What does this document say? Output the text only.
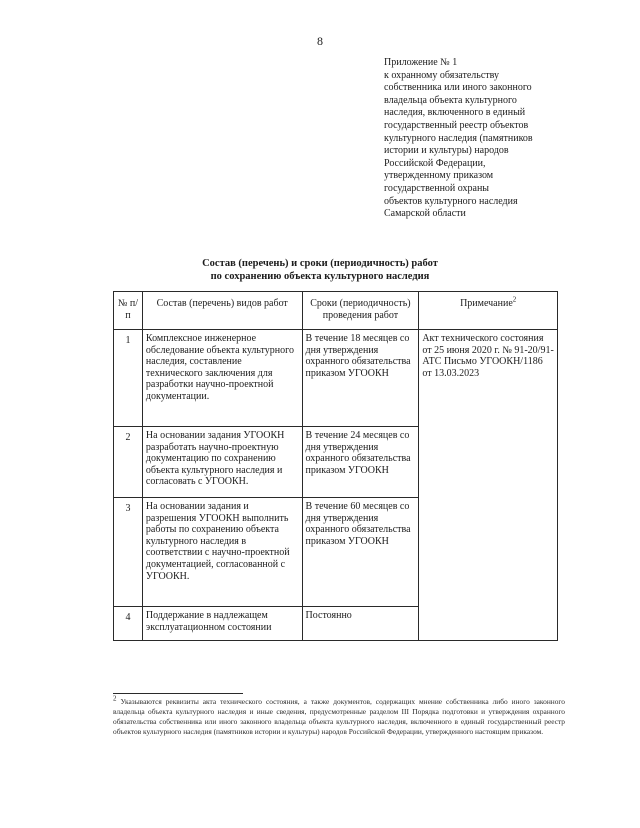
8
Приложение № 1
к охранному обязательству
собственника или иного законного
владельца объекта культурного
наследия, включенного в единый
государственный реестр объектов
культурного наследия (памятников
истории и культуры) народов
Российской Федерации,
утвержденному приказом
государственной охраны
объектов культурного наследия
Самарской области
Состав (перечень) и сроки (периодичность) работ
по сохранению объекта культурного наследия
№ п/п	Состав (перечень) видов работ	Сроки (периодичность) проведения работ	Примечание$^2$
1	Комплексное инженерное обследование объекта культурного наследия, составление технического заключения для разработки научно-проектной документации.	В течение 18 месяцев со дня утверждения охранного обязательства приказом УГООКН	Акт технического состояния от 25 июня 2020 г. № 91-20/91-АТС Письмо УГООКН/1186 от 13.03.2023
2	На основании задания УГООКН разработать научно-проектную документацию по сохранению объекта культурного наследия и согласовать с УГООКН.	В течение 24 месяцев со дня утверждения охранного обязательства приказом УГООКН	
3	На основании задания и разрешения УГООКН выполнить работы по сохранению объекта культурного наследия в соответствии с научно-проектной документацией, согласованной с УГООКН.	В течение 60 месяцев со дня утверждения охранного обязательства приказом УГООКН	
4	Поддержание в надлежащем эксплуатационном состоянии	Постоянно	
$^2$ Указываются реквизиты акта технического состояния, а также документов, содержащих мнение собственника либо иного законного владельца объекта культурного наследия и иные сведения, предусмотренные разделом III Порядка подготовки и утверждения охранного обязательства собственника или иного законного владельца объекта культурного наследия, включенного в единый государственный реестр объектов культурного наследия (памятников истории и культуры) народов Российской Федерации, утвержденного настоящим приказом.
